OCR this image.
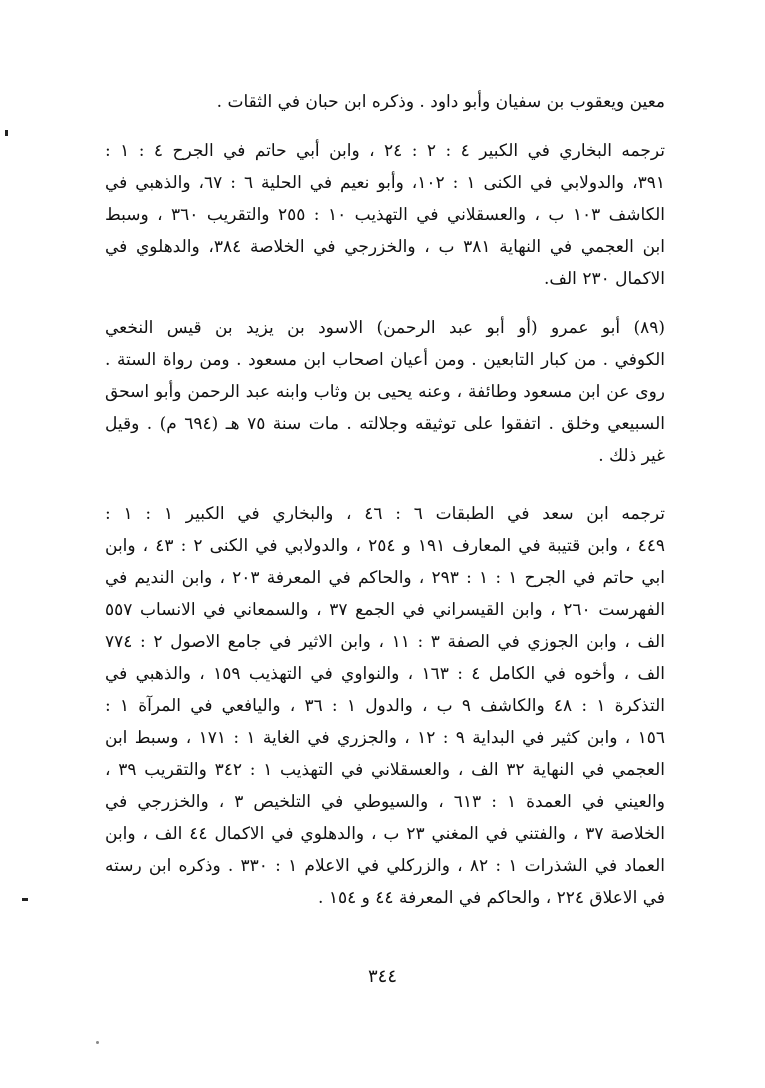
معين ويعقوب بن سفيان وأبو داود . وذكره ابن حبان في الثقات .
ترجمه البخاري في الكبير ٤ : ٢ : ٢٤ ، وابن أبي حاتم في الجرح ٤ : ١ :
٣٩١، والدولابي في الكنى ١ : ١٠٢، وأبو نعيم في الحلية ٦ : ٦٧، والذهبي في
الكاشف ١٠٣ ب ، والعسقلاني في التهذيب ١٠ : ٢٥٥ والتقريب ٣٦٠ ، وسبط
ابن العجمي في النهاية ٣٨١ ب ، والخزرجي في الخلاصة ٣٨٤، والدهلوي في
الاكمال ٢٣٠ الف.
(٨٩) أبو عمرو (أو أبو عبد الرحمن) الاسود بن يزيد بن قيس النخعي
الكوفي . من كبار التابعين . ومن أعيان اصحاب ابن مسعود . ومن رواة الستة .
روى عن ابن مسعود وطائفة ، وعنه يحيى بن وثاب وابنه عبد الرحمن وأبو اسحق
السبيعي وخلق . اتفقوا على توثيقه وجلالته . مات سنة ٧٥ هـ (٦٩٤ م) . وقيل
غير ذلك .
ترجمه ابن سعد في الطبقات ٦ : ٤٦ ، والبخاري في الكبير ١ : ١ :
٤٤٩ ، وابن قتيبة في المعارف ١٩١ و ٢٥٤ ، والدولابي في الكنى ٢ : ٤٣ ، وابن
ابي حاتم في الجرح ١ : ١ : ٢٩٣ ، والحاكم في المعرفة ٢٠٣ ، وابن النديم في
الفهرست ٢٦٠ ، وابن القيسراني في الجمع ٣٧ ، والسمعاني في الانساب ٥٥٧
الف ، وابن الجوزي في الصفة ٣ : ١١ ، وابن الاثير في جامع الاصول ٢ : ٧٧٤
الف ، وأخوه في الكامل ٤ : ١٦٣ ، والنواوي في التهذيب ١٥٩ ، والذهبي في
التذكرة ١ : ٤٨ والكاشف ٩ ب ، والدول ١ : ٣٦ ، واليافعي في المرآة ١ :
١٥٦ ، وابن كثير في البداية ٩ : ١٢ ، والجزري في الغاية ١ : ١٧١ ، وسبط ابن
العجمي في النهاية ٣٢ الف ، والعسقلاني في التهذيب ١ : ٣٤٢ والتقريب ٣٩ ،
والعيني في العمدة ١ : ٦١٣ ، والسيوطي في التلخيص ٣ ، والخزرجي في
الخلاصة ٣٧ ، والفتني في المغني ٢٣ ب ، والدهلوي في الاكمال ٤٤ الف ، وابن
العماد في الشذرات ١ : ٨٢ ، والزركلي في الاعلام ١ : ٣٣٠ . وذكره ابن رسته
في الاعلاق ٢٢٤ ، والحاكم في المعرفة ٤٤ و ١٥٤ .
٣٤٤
